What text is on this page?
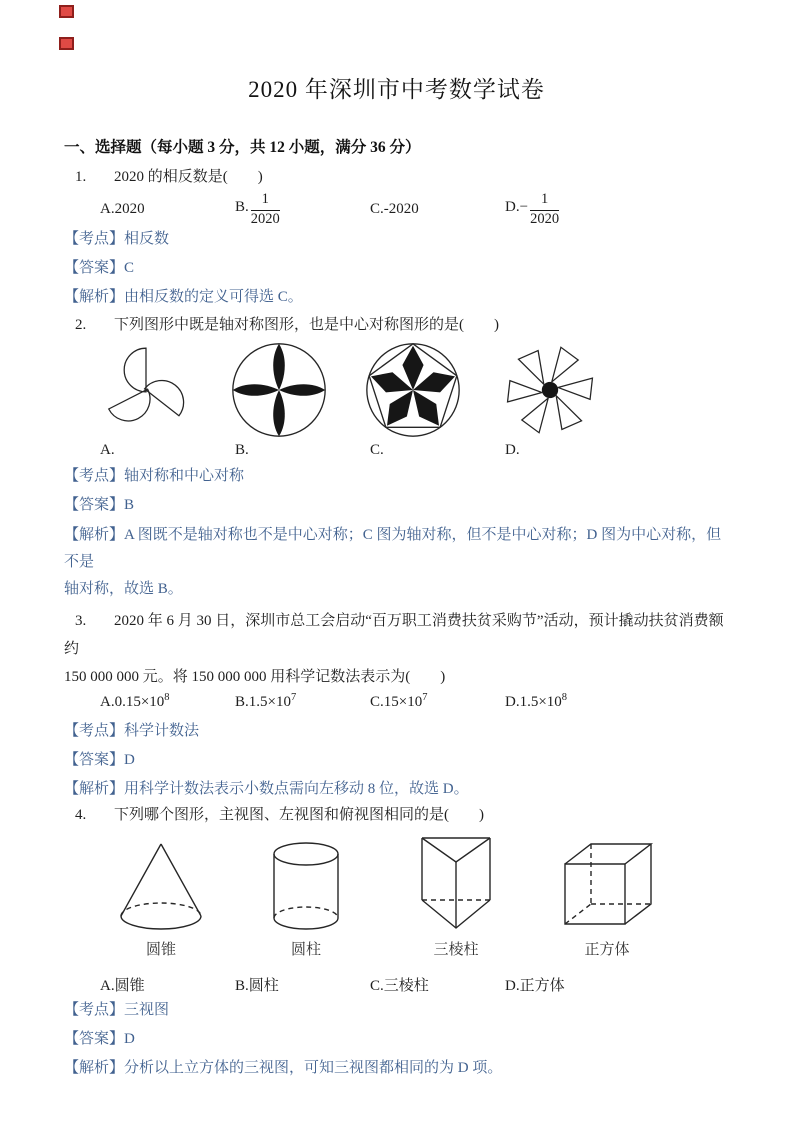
2020 年深圳市中考数学试卷
一、选择题（每小题 3 分，共 12 小题，满分 36 分）
1. 2020 的相反数是(        )
A.2020	B. $\frac{1}{2020}$	C.-2020	$D.- \frac{1}{2020}$
【考点】相反数
【答案】C
【解析】由相反数的定义可得选 C。
2. 下列图形中既是轴对称图形，也是中心对称图形的是(        )
A.	B.	C.	D.
【考点】轴对称和中心对称
【答案】B
【解析】A 图既不是轴对称也不是中心对称；C 图为轴对称，但不是中心对称；D 图为中心对称，但不是
轴对称，故选 B。
3. 2020 年 6 月 30 日，深圳市总工会启动“百万职工消费扶贫采购节”活动，预计撬动扶贫消费额约
150 000 000 元。将 150 000 000 用科学记数法表示为(        )
$A.0.15\times 10^8$	$B.1.5\times 10^7$	$C.15\times 10^7$	$D.1.5\times 10^8$
【考点】科学计数法
【答案】D
【解析】用科学计数法表示小数点需向左移动 8 位，故选 D。
4. 下列哪个图形，主视图、左视图和俯视图相同的是(        )
圆锥	圆柱	三棱柱	正方体
A.圆锥	B.圆柱	C.三棱柱	D.正方体
【考点】三视图
【答案】D
【解析】分析以上立方体的三视图，可知三视图都相同的为 D 项。
